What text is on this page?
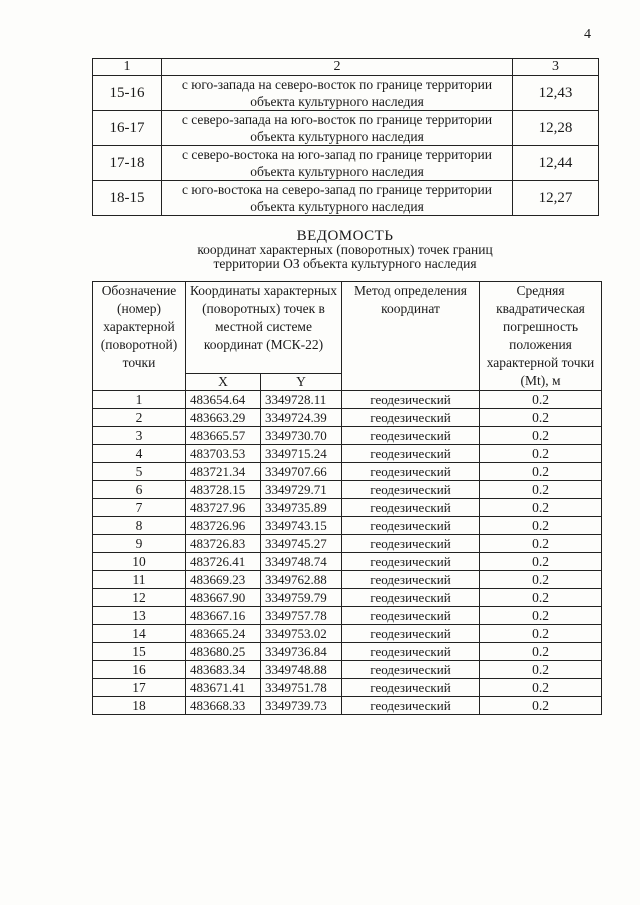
4
1	2	3
15-16	с юго-запада на северо-восток по границе территории объекта культурного наследия	12,43
16-17	с северо-запада на юго-восток по границе территории объекта культурного наследия	12,28
17-18	с северо-востока на юго-запад по границе территории объекта культурного наследия	12,44
18-15	с юго-востока на северо-запад по границе территории объекта культурного наследия	12,27
ВЕДОМОСТЬ
координат характерных (поворотных) точек границ
территории ОЗ объекта культурного наследия
Обозначение (номер) характерной (поворотной) точки	Координаты характерных (поворотных) точек в местной системе координат (МСК-22)		Метод определения координат	Средняя квадратическая погрешность положения характерной точки (Mt), м
	X	Y		
1	483654.64	3349728.11	геодезический	0.2
2	483663.29	3349724.39	геодезический	0.2
3	483665.57	3349730.70	геодезический	0.2
4	483703.53	3349715.24	геодезический	0.2
5	483721.34	3349707.66	геодезический	0.2
6	483728.15	3349729.71	геодезический	0.2
7	483727.96	3349735.89	геодезический	0.2
8	483726.96	3349743.15	геодезический	0.2
9	483726.83	3349745.27	геодезический	0.2
10	483726.41	3349748.74	геодезический	0.2
11	483669.23	3349762.88	геодезический	0.2
12	483667.90	3349759.79	геодезический	0.2
13	483667.16	3349757.78	геодезический	0.2
14	483665.24	3349753.02	геодезический	0.2
15	483680.25	3349736.84	геодезический	0.2
16	483683.34	3349748.88	геодезический	0.2
17	483671.41	3349751.78	геодезический	0.2
18	483668.33	3349739.73	геодезический	0.2
